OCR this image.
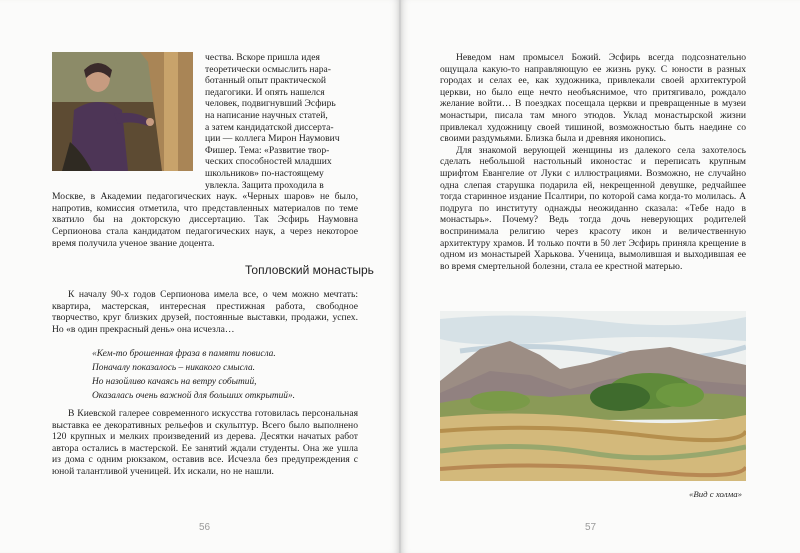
чества. Вскоре пришла идея
теоретически осмыслить нара-
ботанный опыт практической
педагогики. И опять нашелся
человек, подвигнувший Эсфирь
на написание научных статей,
а затем кандидатской диссерта-
ции — коллега Мирон Наумович
Фишер. Тема: «Развитие твор-
ческих способностей младших
школьников» по-настоящему
увлекла. Защита проходила в

Москве, в Академии педагогических наук. «Черных шаров» не было, напротив, комиссия отметила, что представленных материалов по теме хватило бы на докторскую диссертацию. Так Эсфирь Наумовна Серпионова стала кандидатом педагогических наук, а через некоторое время получила ученое звание доцента.

Топловский монастырь

К началу 90-х годов Серпионова имела все, о чем можно мечтать: квартира, мастерская, интересная престижная работа, свободное творчество, круг близких друзей, постоянные выставки, продажи, успех. Но «в один прекрасный день» она исчезла…

«Кем-то брошенная фраза в памяти повисла.
Поначалу показалось – никакого смысла.
Но назойливо качаясь на ветру событий,
Оказалась очень важной для больших открытий».

В Киевской галерее современного искусства готовилась персональная выставка ее декоративных рельефов и скульптур. Всего было выполнено 120 крупных и мелких произведений из дерева. Десятки начатых работ автора остались в мастерской. Ее занятий ждали студенты. Она же ушла из дома с одним рюкзаком, оставив все. Исчезла без предупреждения с юной талантливой ученицей. Их искали, но не нашли.

56

Неведом нам промысел Божий. Эсфирь всегда подсознательно ощущала какую-то направляющую ее жизнь руку. С юности в разных городах и селах ее, как художника, привлекали своей архитектурой церкви, но было еще нечто необъяснимое, что притягивало, рождало желание войти… В поездках посещала церкви и превращенные в музеи монастыри, писала там много этюдов. Уклад монастырской жизни привлекал художницу своей тишиной, возможностью быть наедине со своими раздумьями. Близка была и древняя иконопись.

Для знакомой верующей женщины из далекого села захотелось сделать небольшой настольный иконостас и переписать крупным шрифтом Евангелие от Луки с иллюстрациями. Возможно, не случайно одна слепая старушка подарила ей, некрещенной девушке, редчайшее тогда старинное издание Псалтири, по которой сама когда-то молилась. А подруга по институту однажды неожиданно сказала: «Тебе надо в монастырь». Почему? Ведь тогда дочь неверующих родителей воспринимала религию через красоту икон и величественную архитектуру храмов. И только почти в 50 лет Эсфирь приняла крещение в одном из монастырей Харькова. Ученица, вымолившая и выходившая ее во время смертельной болезни, стала ее крестной матерью.

«Вид с холма»
57
